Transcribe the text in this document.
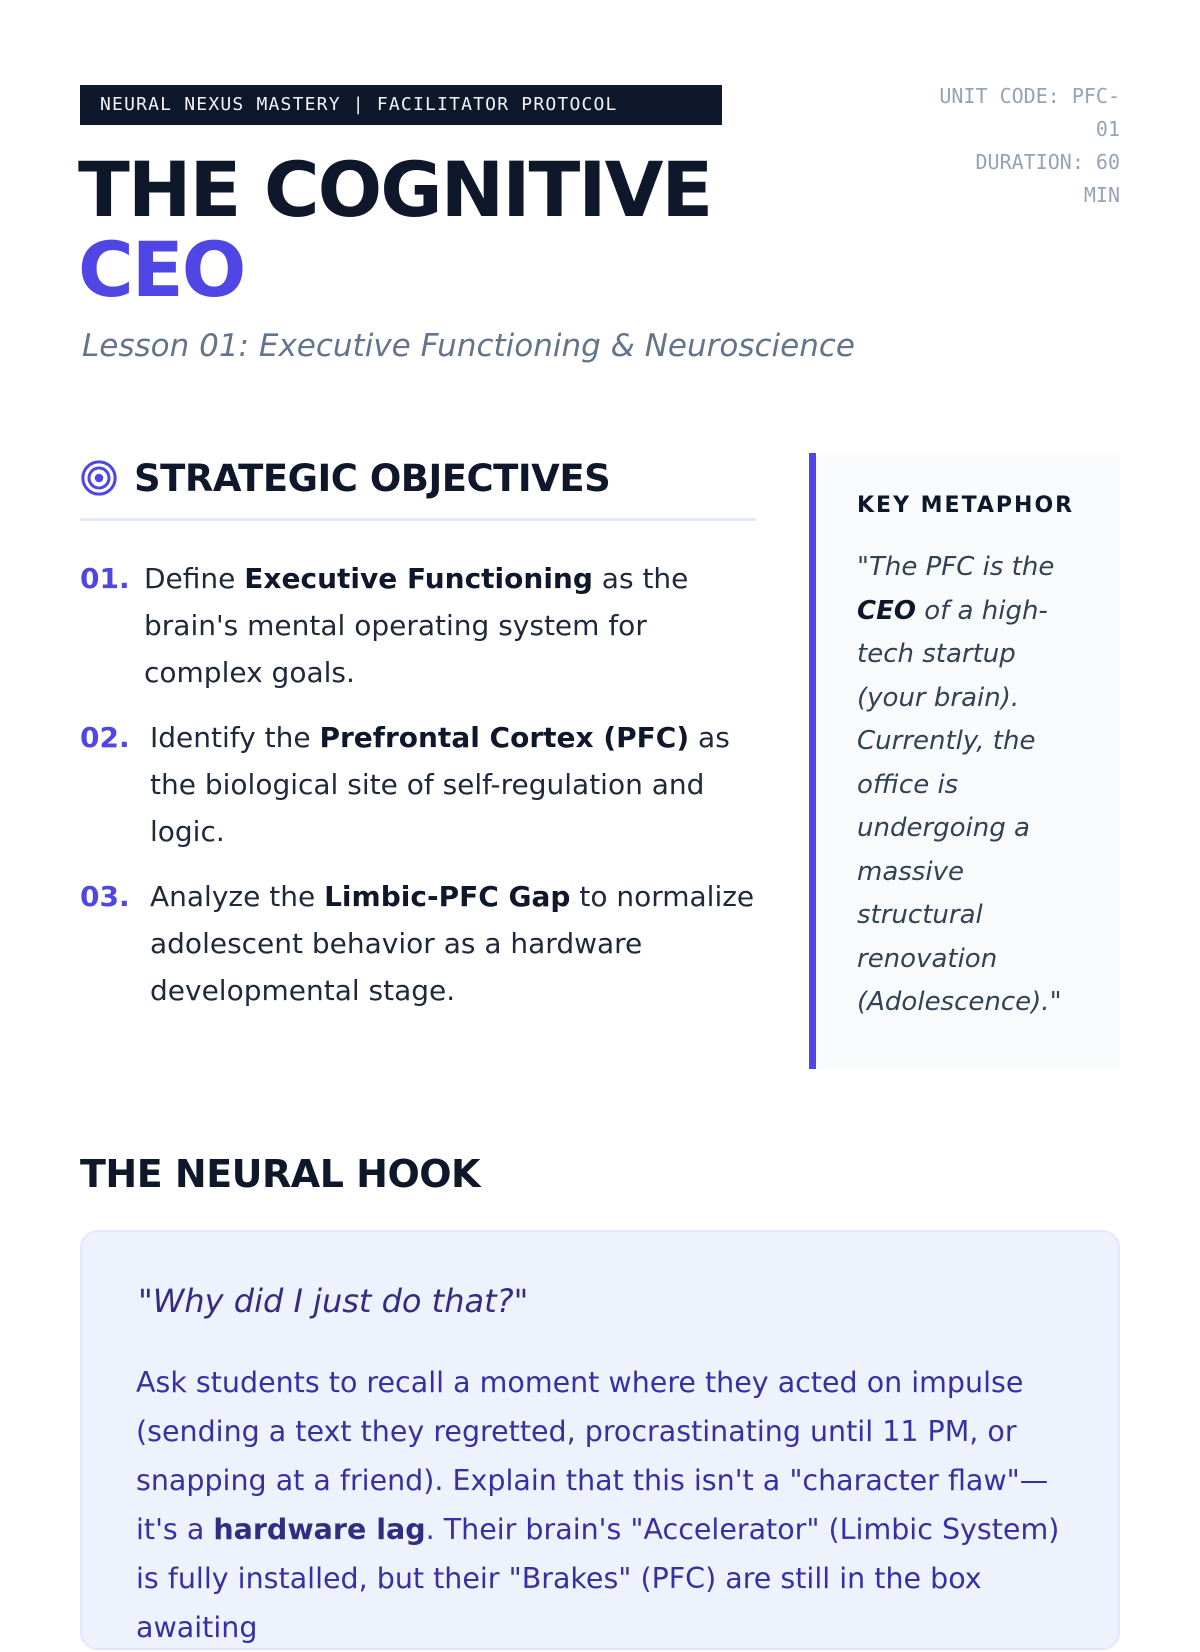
NEURAL NEXUS MASTERY | FACILITATOR PROTOCOL	UNIT CODE: PFC-
01
DURATION: 60
MIN
THE COGNITIVE
CEO
Lesson 01: Executive Functioning & Neuroscience
STRATEGIC OBJECTIVES
01. Define Executive Functioning as the brain's mental operating system for complex goals.
02. Identify the Prefrontal Cortex (PFC) as the biological site of self-regulation and logic.
03. Analyze the Limbic-PFC Gap to normalize adolescent behavior as a hardware developmental stage.
KEY METAPHOR
"The PFC is the CEO of a high-tech startup (your brain). Currently, the office is undergoing a massive structural renovation (Adolescence)."
THE NEURAL HOOK
"Why did I just do that?"
Ask students to recall a moment where they acted on impulse (sending a text they regretted, procrastinating until 11 PM, or snapping at a friend). Explain that this isn't a "character flaw"—it's a hardware lag. Their brain's "Accelerator" (Limbic System) is fully installed, but their "Brakes" (PFC) are still in the box awaiting
